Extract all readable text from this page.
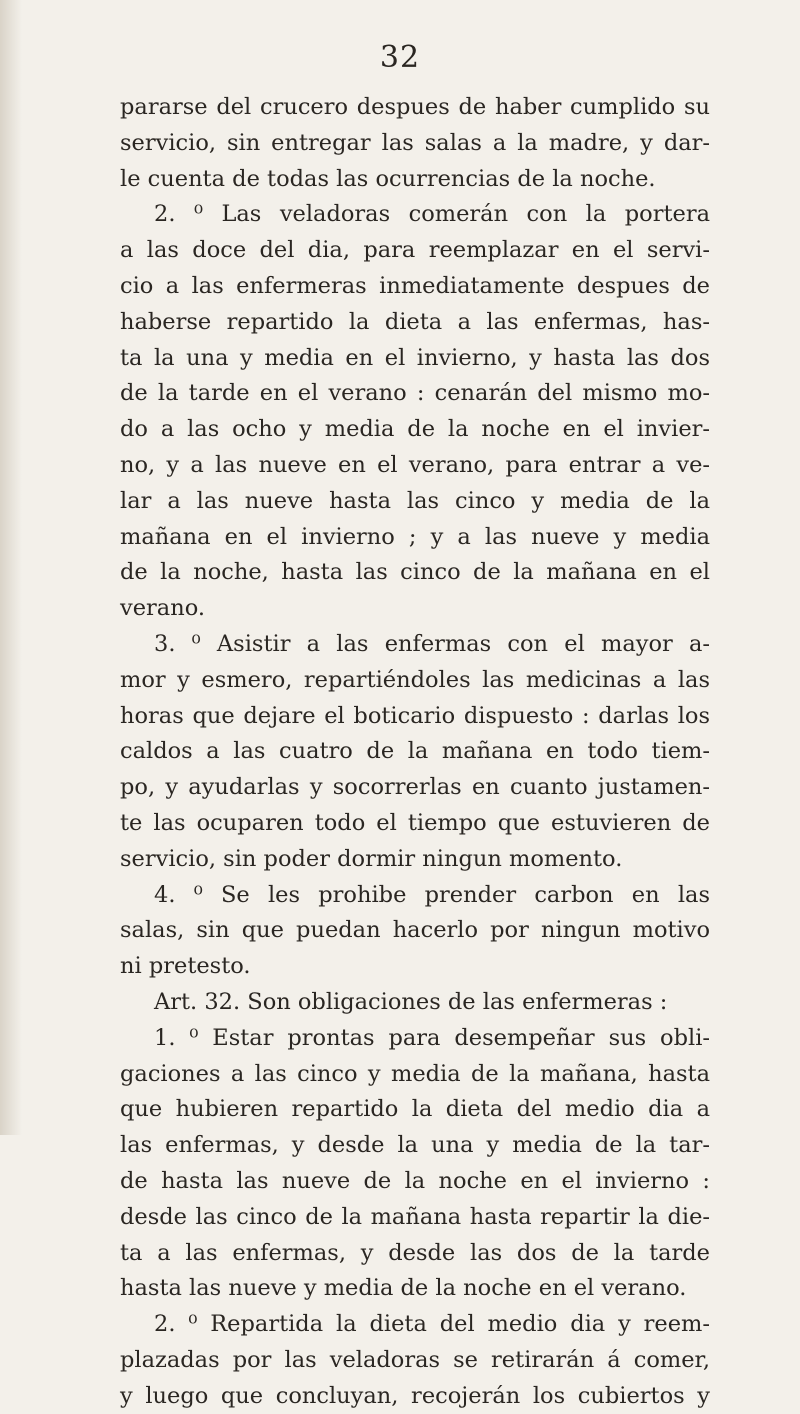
32
pararse del crucero despues de haber cumplido su
servicio, sin entregar las salas a la madre, y dar-
le cuenta de todas las ocurrencias de la noche.
2. ⁰ Las veladoras comerán con la portera
a las doce del dia, para reemplazar en el servi-
cio a las enfermeras inmediatamente despues de
haberse repartido la dieta a las enfermas, has-
ta la una y media en el invierno, y hasta las dos
de la tarde en el verano : cenarán del mismo mo-
do a las ocho y media de la noche en el invier-
no, y a las nueve en el verano, para entrar a ve-
lar a las nueve hasta las cinco y media de la
mañana en el invierno ; y a las nueve y media
de la noche, hasta las cinco de la mañana en el
verano.
3. ⁰ Asistir a las enfermas con el mayor a-
mor y esmero, repartiéndoles las medicinas a las
horas que dejare el boticario dispuesto : darlas los
caldos a las cuatro de la mañana en todo tiem-
po, y ayudarlas y socorrerlas en cuanto justamen-
te las ocuparen todo el tiempo que estuvieren de
servicio, sin poder dormir ningun momento.
4. ⁰ Se les prohibe prender carbon en las
salas, sin que puedan hacerlo por ningun motivo
ni pretesto.
Art. 32. Son obligaciones de las enfermeras :
1. ⁰ Estar prontas para desempeñar sus obli-
gaciones a las cinco y media de la mañana, hasta
que hubieren repartido la dieta del medio dia a
las enfermas, y desde la una y media de la tar-
de hasta las nueve de la noche en el invierno :
desde las cinco de la mañana hasta repartir la die-
ta a las enfermas, y desde las dos de la tarde
hasta las nueve y media de la noche en el verano.
2. ⁰ Repartida la dieta del medio dia y reem-
plazadas por las veladoras se retirarán á comer,
y luego que concluyan, recojerán los cubiertos y
